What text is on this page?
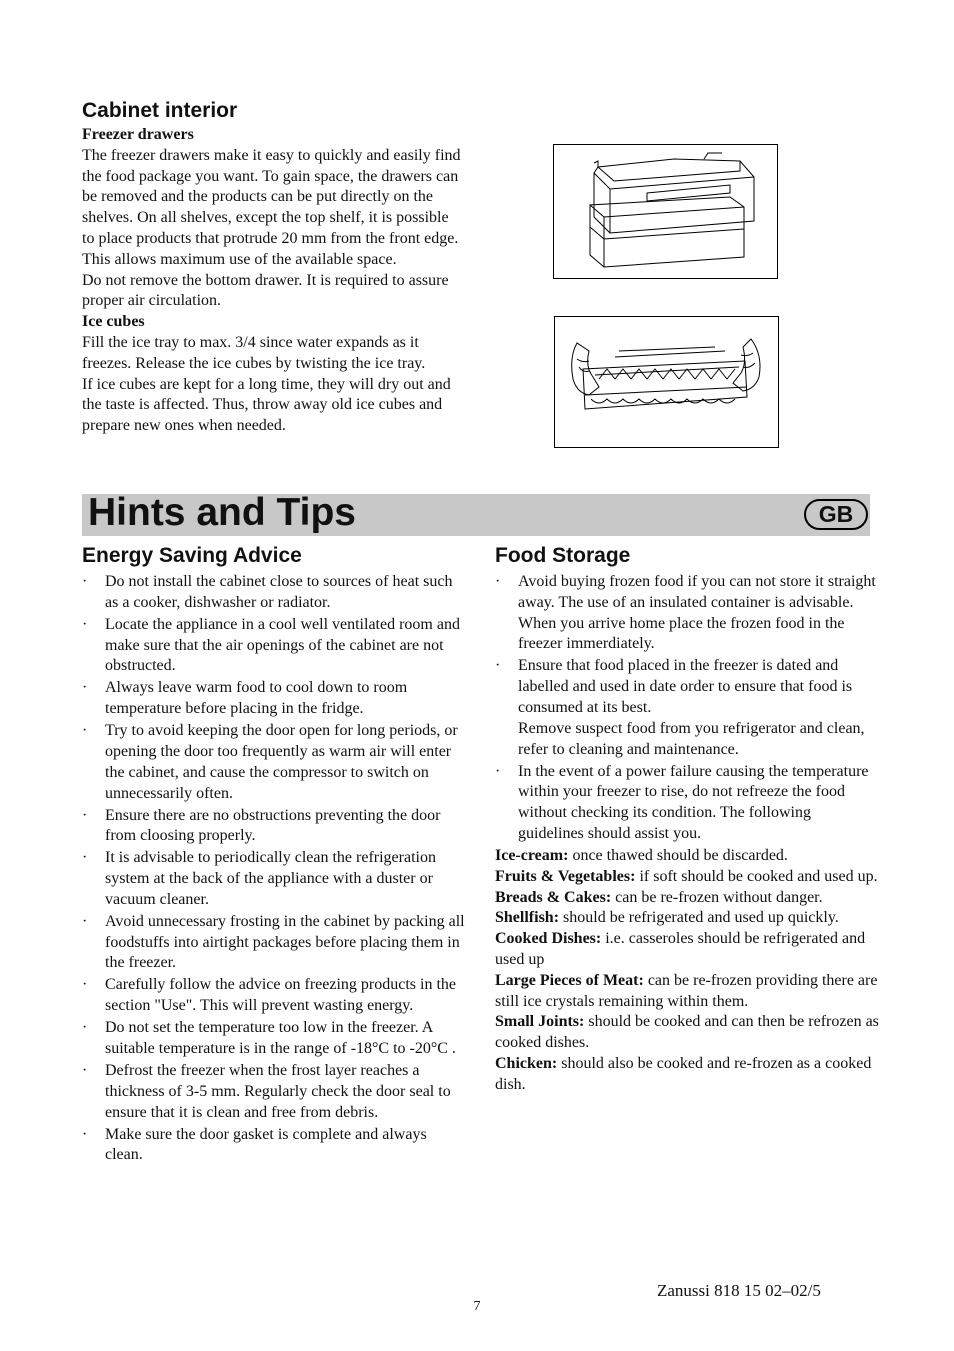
Cabinet interior

Freezer drawers

The freezer drawers make it easy to quickly and easily find the food package you want. To gain space, the drawers can be removed and the products can be put directly on the shelves. On all shelves, except the top shelf, it is possible to place products that protrude 20 mm from the front edge. This allows maximum use of the available space.

Do not remove the bottom drawer. It is required to assure proper air circulation.

Ice cubes

Fill the ice tray to max. 3/4 since water expands as it freezes. Release the ice cubes by twisting the ice tray.

If ice cubes are kept for a long time, they will dry out and the taste is affected. Thus, throw away old ice cubes and prepare new ones when needed.

Hints and Tips	GB
Energy Saving Advice
·	Do not install the cabinet close to sources of heat such as a cooker, dishwasher or radiator.
·	Locate the appliance in a cool well ventilated room and make sure that the air openings of the cabinet are not obstructed.
·	Always leave warm food to cool down to room temperature before placing in the fridge.
·	Try to avoid keeping the door open for long periods, or opening the door too frequently as warm air will enter the cabinet, and cause the compressor to switch on unnecessarily often.
·	Ensure there are no obstructions preventing the door from cloosing properly.
·	It is advisable to periodically clean the refrigeration system at the back of the appliance with a duster or vacuum cleaner.
·	Avoid unnecessary frosting in the cabinet by packing all foodstuffs into airtight packages before placing them in the freezer.
·	Carefully follow the advice on freezing products in the section "Use". This will prevent wasting energy.
·	Do not set the temperature too low in the freezer. A suitable temperature is in the range of -18°C to -20°C .
·	Defrost the freezer when the frost layer reaches a thickness of 3-5 mm. Regularly check the door seal to ensure that it is clean and free from debris.
·	Make sure the door gasket is complete and always clean.
Food Storage
·	Avoid buying frozen food if you can not store it straight away. The use of an insulated container is advisable. When you arrive home place the frozen food in the freezer immerdiately.
·	Ensure that food placed in the freezer is dated and labelled and used in date order to ensure that food is consumed at its best.
Remove suspect food from you refrigerator and clean, refer to cleaning and maintenance.
·	In the event of a power failure causing the temperature within your freezer to rise, do not refreeze the food without checking its condition. The following guidelines should assist you.

Ice-cream: once thawed should be discarded.

Fruits & Vegetables: if soft should be cooked and used up.

Breads & Cakes: can be re-frozen without danger.

Shellfish: should be refrigerated and used up quickly.

Cooked Dishes: i.e. casseroles should be refrigerated and used up

Large Pieces of Meat: can be re-frozen providing there are still ice crystals remaining within them.

Small Joints: should be cooked and can then be refrozen as cooked dishes.

Chicken: should also be cooked and re-frozen as a cooked dish.

Zanussi 818 15 02–02/5
7
